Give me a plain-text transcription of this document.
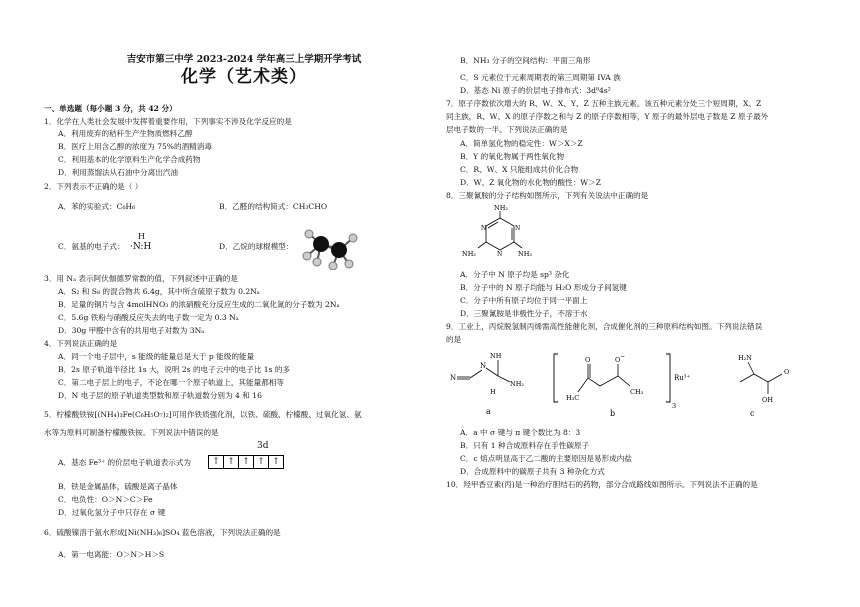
吉安市第三中学 2023-2024 学年高三上学期开学考试
化学（艺术类）
一、单选题（每小题 3 分，共 42 分）
1．化学在人类社会发展中发挥着重要作用，下列事实不涉及化学反应的是
A．利用废弃的秸秆生产生物质燃料乙醇
B．医疗上用含乙醇的浓度为 75%的酒精消毒
C．利用基本的化学原料生产化学合成药物
D．利用蒸馏法从石油中分离出汽油
2．下列表示不正确的是（ ）
A．苯的实验式：C₆H₆	B．乙醛的结构简式：CH₃CHO
C．氨基的电子式：
H
·N:H	D．乙烷的球棍模型：
3．用 Nₐ 表示阿伏伽德罗常数的值，下列叙述中正确的是
A．S₂ 和 S₈ 的混合物共 6.4g，其中所含硫原子数为 0.2Nₐ
B．足量的铜片与含 4molHNO₃ 的浓硝酸充分反应生成的二氧化氮的分子数为 2Nₐ
C．5.6g 铁粉与硝酸反应失去的电子数一定为 0.3 Nₐ
D．30g 甲醛中含有的共用电子对数为 3Nₐ
4．下列说法正确的是
A．同一个电子层中，s 能级的能量总是大于 p 能级的能量
B．2s 原子轨道半径比 1s 大，说明 2s 的电子云中的电子比 1s 的多
C．第二电子层上的电子，不论在哪一个原子轨道上，其能量都相等
D．N 电子层的原子轨道类型数和原子轨道数分别为 4 和 16
5．柠檬酸铁铵[(NH₄)₃Fe(C₆H₅O₇)₂]可用作铁质强化剂，以铁、硫酸、柠檬酸、过氧化氢、氨
水等为原料可制备柠檬酸铁铵。下列说法中错误的是
3d
A．基态 Fe³⁺ 的价层电子轨道表示式为	↑ ↑ ↑ ↑ ↑
B．铁是金属晶体，硫酸是离子晶体
C．电负性：O＞N＞C＞Fe
D．过氧化氢分子中只存在 σ 键
6．硫酸镍溶于氨水形成[Ni(NH₃)₆]SO₄ 蓝色溶液，下列说法正确的是
A．第一电离能：O＞N＞H＞S
B．NH₃ 分子的空间结构：平面三角形
C．S 元素位于元素周期表的第三周期第 IVA 族
D．基态 Ni 原子的价层电子排布式：3d⁸4s²
7．原子序数依次增大的 R、W、X、Y、Z 五种主族元素。该五种元素分处三个短周期，X、Z
同主族，R、W、X 的原子序数之和与 Z 的原子序数相等，Y 原子的最外层电子数是 Z 原子最外
层电子数的一半。下列说法正确的是
A．简单氢化物的稳定性：W＞X＞Z
B．Y 的氧化物属于两性氧化物
C．R、W、X 只能组成共价化合物
D．W、Z 氧化物的水化物的酸性：W＞Z
8．三聚氰胺的分子结构如图所示，下列有关说法中正确的是
NH₂
NH₂	NH₂
N	N
N
A．分子中 N 原子均是 sp³ 杂化
B．分子中的 N 原子均能与 H₂O 形成分子间氢键
C．分子中所有原子均位于同一平面上
D．三聚氰胺是非极性分子，不溶于水
9．工业上，丙烷脱氢制丙烯需高性能催化剂，合成催化剂的三种原料结构如图。下列说法错误
的是
N
N
NH
NH₂
H
a
O	O −
H₃C
CH₃
3
Ru³⁺
b
H₂N
OH
O
c
A．a 中 σ 键与 π 键个数比为 8：3
B．只有 1 种合成原料存在手性碳原子
C．c 熔点明显高于乙二酸的主要原因是易形成内盐
D．合成原料中的碳原子共有 3 种杂化方式
10．羟甲香豆素(丙)是一种治疗胆结石的药物，部分合成路线如图所示。下列说法不正确的是
